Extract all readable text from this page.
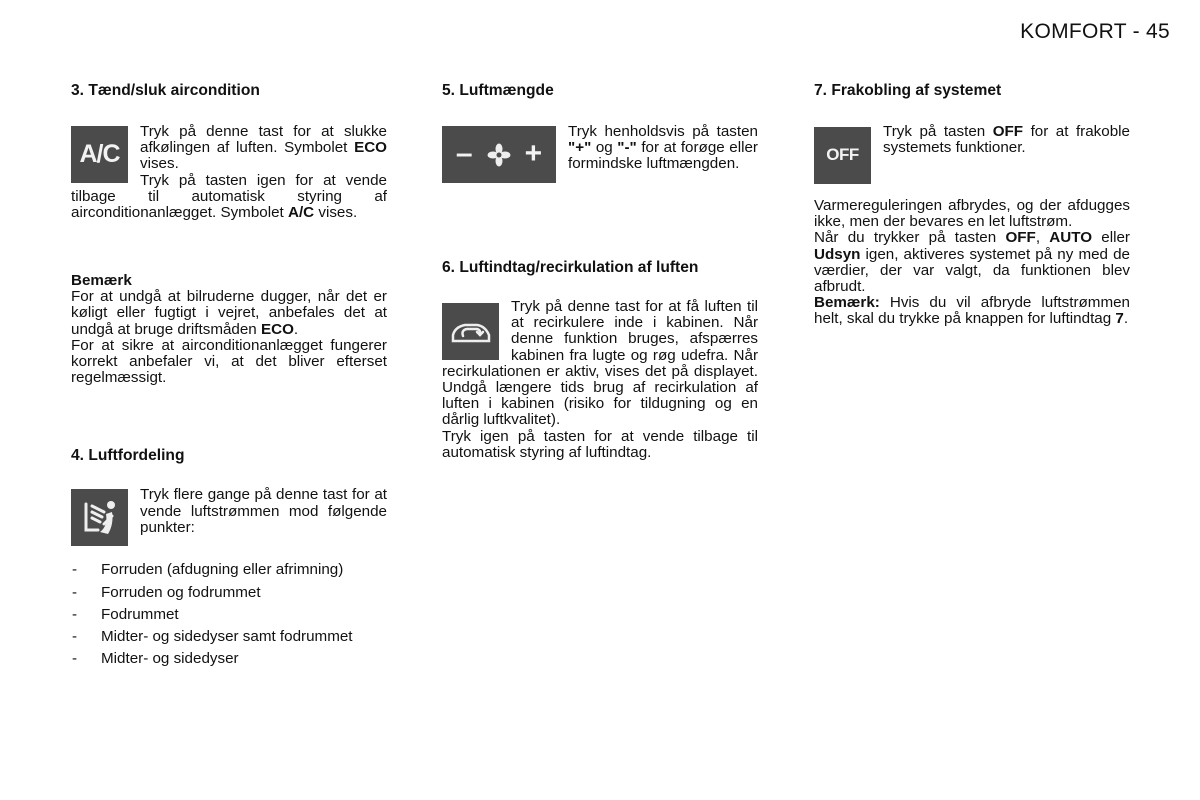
KOMFORT - 45
3. Tænd/sluk aircondition
A/C

Tryk på denne tast for at slukke afkølingen af luften. Symbolet ECO vises.

Tryk på tasten igen for at vende tilbage til automatisk styring af airconditionanlægget. Symbolet A/C vises.

Bemærk

For at undgå at bilruderne dugger, når det er køligt eller fugtigt i vejret, anbefales det at undgå at bruge driftsmåden ECO.

For at sikre at airconditionanlægget fungerer korrekt anbefaler vi, at det bliver efterset regelmæssigt.

4. Luftfordeling

Tryk flere gange på denne tast for at vende luftstrømmen mod følgende punkter:

- Forruden (afdugning eller afrimning)
- Forruden og fodrummet
- Fodrummet
- Midter- og sidedyser samt fodrummet
- Midter- og sidedyser
5. Luftmængde
– +

Tryk henholdsvis på tasten "+" og "-" for at forøge eller formindske luftmængden.

6. Luftindtag/recirkulation af luften

Tryk på denne tast for at få luften til at recirkulere inde i kabinen. Når denne funktion bruges, afspærres kabinen fra lugte og røg udefra. Når recirkulationen er aktiv, vises det på displayet. Undgå længere tids brug af recirkulation af luften i kabinen (risiko for tildugning og en dårlig luftkvalitet).

Tryk igen på tasten for at vende tilbage til automatisk styring af luftindtag.

7. Frakobling af systemet
OFF

Tryk på tasten OFF for at frakoble systemets funktioner.

Varmereguleringen afbrydes, og der afdugges ikke, men der bevares en let luftstrøm.

Når du trykker på tasten OFF, AUTO eller Udsyn igen, aktiveres systemet på ny med de værdier, der var valgt, da funktionen blev afbrudt.

Bemærk: Hvis du vil afbryde luftstrømmen helt, skal du trykke på knappen for luftindtag 7.
